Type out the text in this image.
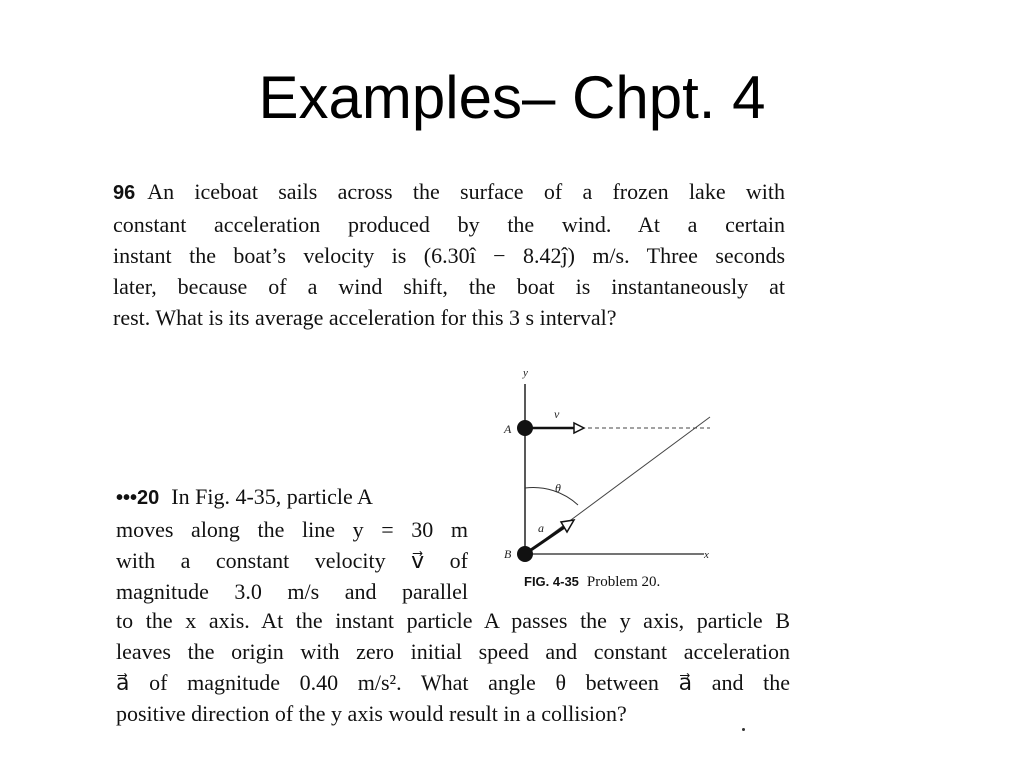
Examples– Chpt. 4
96 An iceboat sails across the surface of a frozen lake with
constant acceleration produced by the wind. At a certain
instant the boat’s velocity is (6.30î − 8.42ĵ) m/s. Three seconds
later, because of a wind shift, the boat is instantaneously at
rest. What is its average acceleration for this 3 s interval?
•••20 In Fig. 4-35, particle A
moves along the line y = 30 m
with a constant velocity v⃗ of
magnitude 3.0 m/s and parallel
to the x axis. At the instant particle A passes the y axis, particle B
leaves the origin with zero initial speed and constant acceleration
a⃗ of magnitude 0.40 m/s². What angle θ between a⃗ and the
positive direction of the y axis would result in a collision?
y
x
A
B
v⃗
a⃗
θ
FIG. 4-35 Problem 20.
